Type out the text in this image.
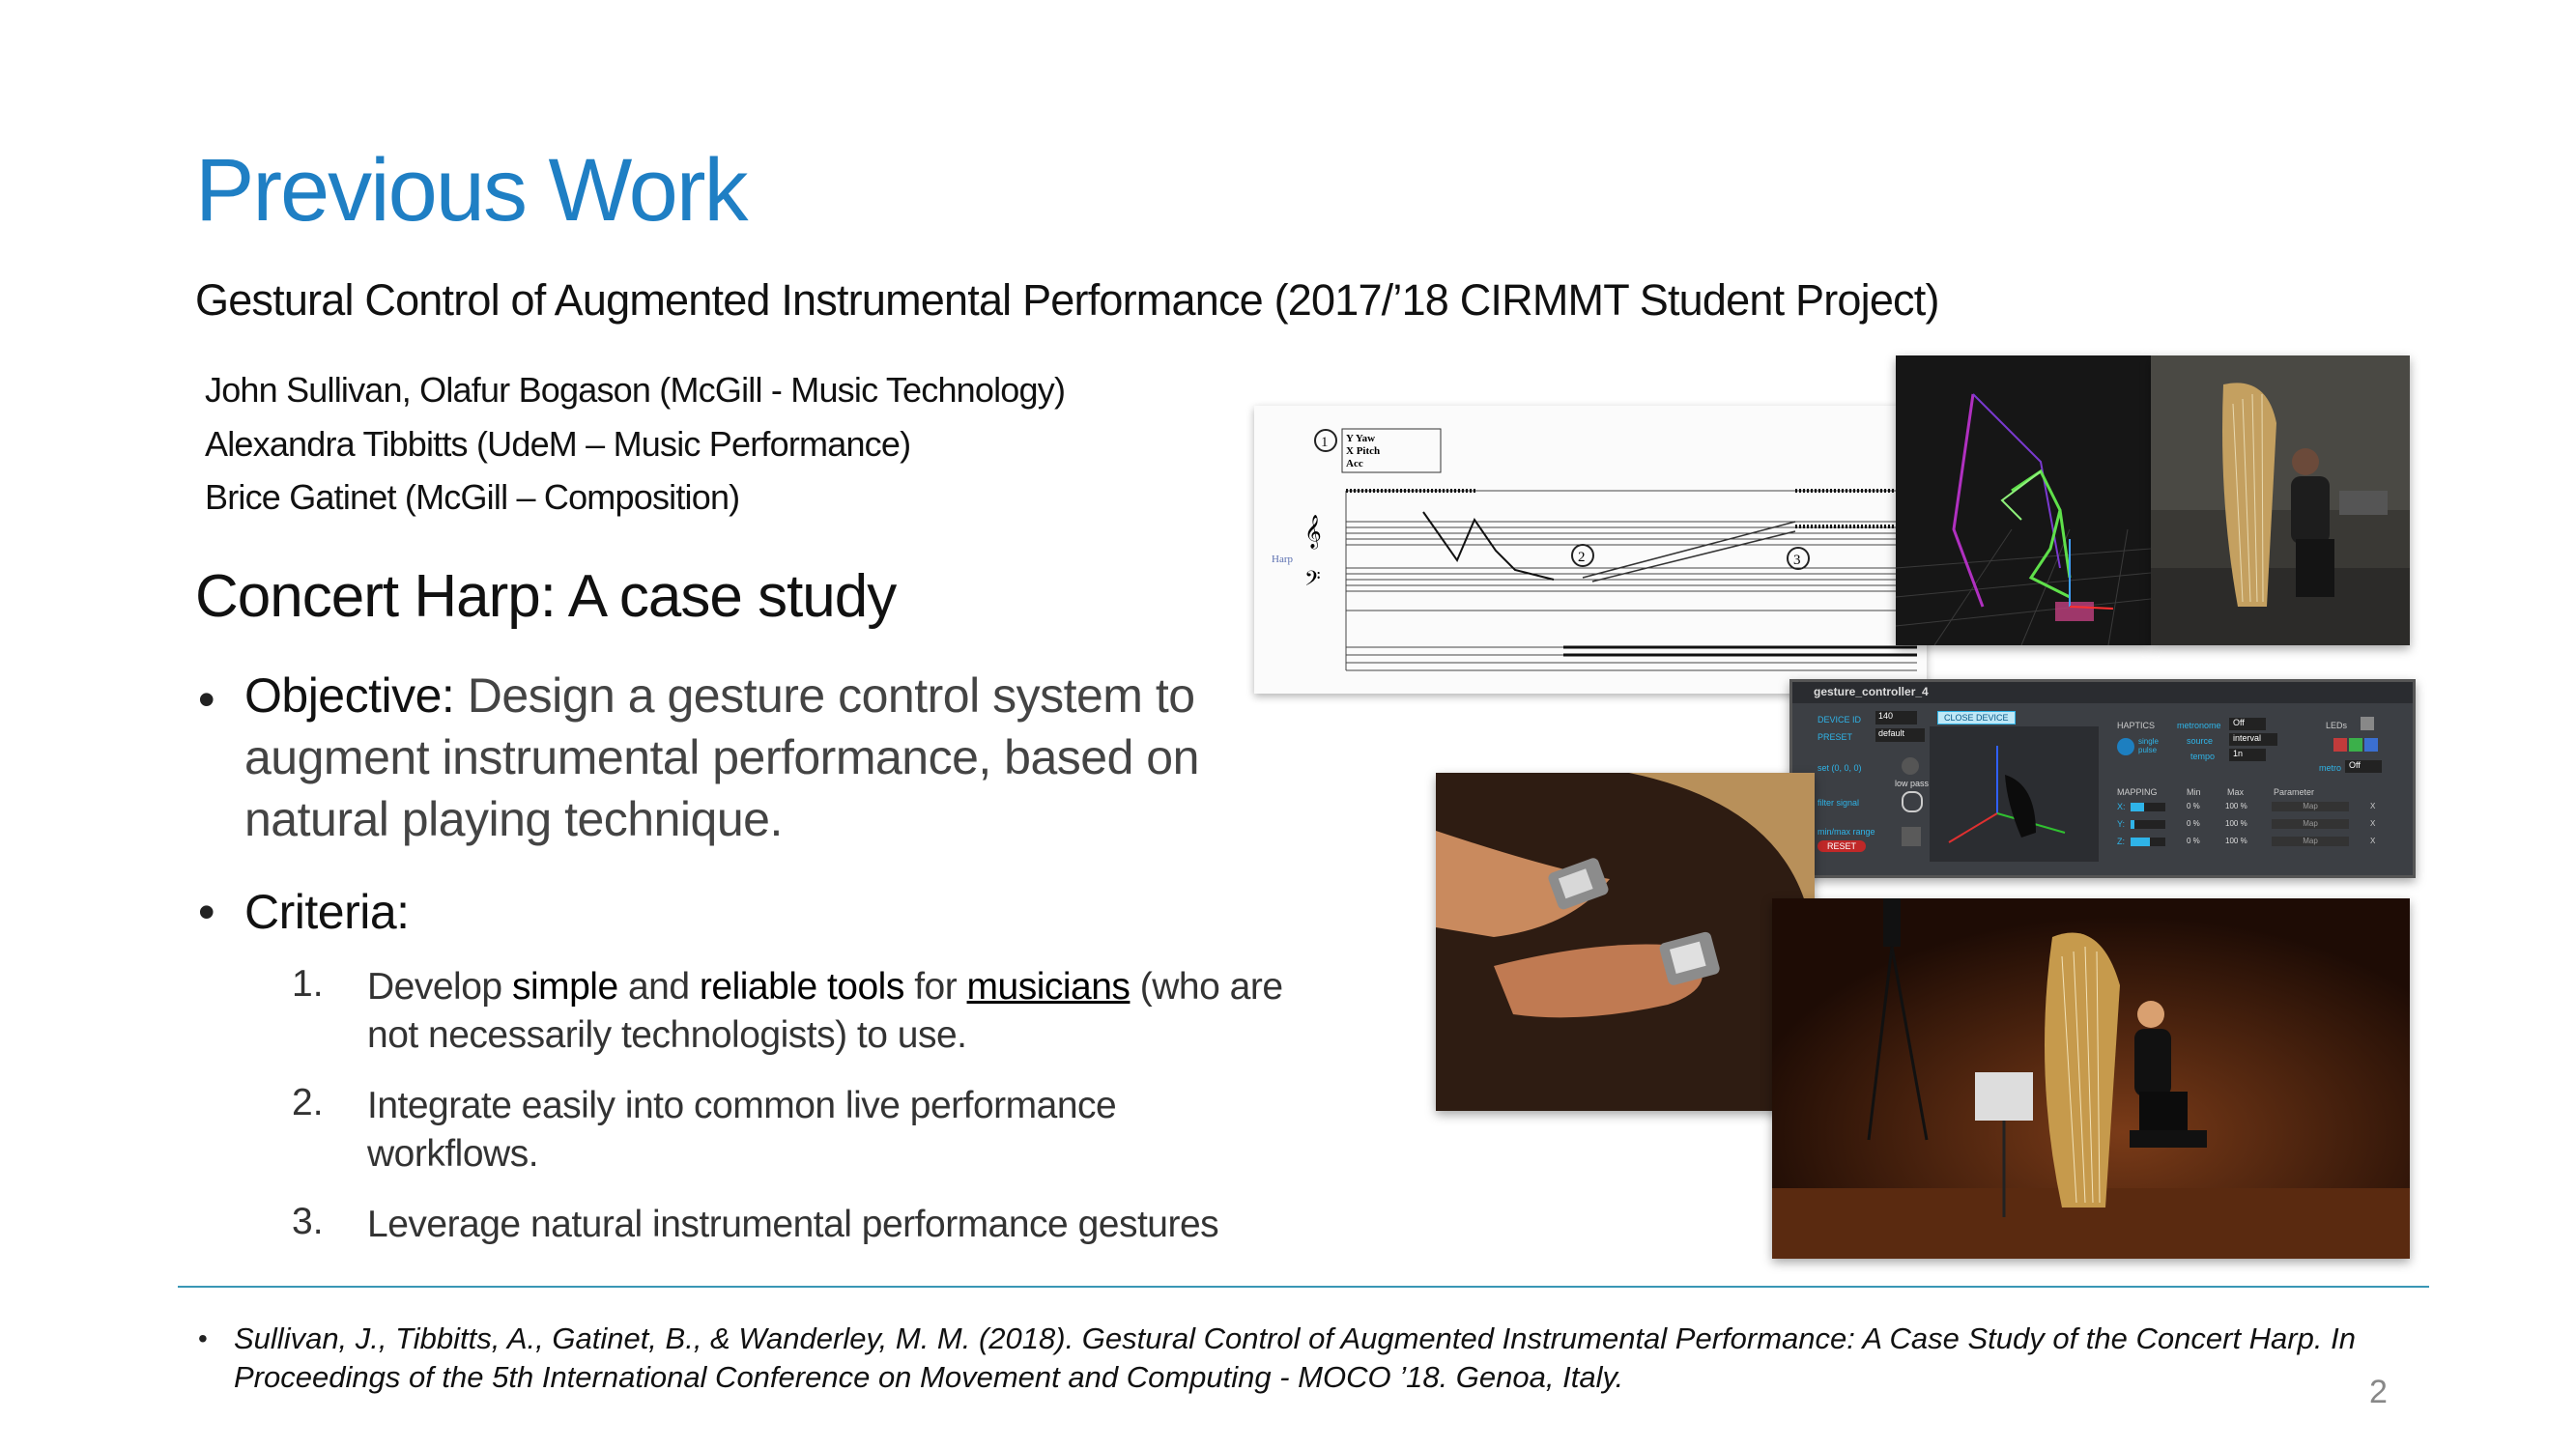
Previous Work
Gestural Control of Augmented Instrumental Performance (2017/’18 CIRMMT Student Project)
John Sullivan, Olafur Bogason (McGill - Music Technology)
Alexandra Tibbitts (UdeM – Music Performance)
Brice Gatinet (McGill – Composition)
Concert Harp: A case study
• Objective: Design a gesture control system to augment instrumental performance, based on natural playing technique.
• Criteria:
1. Develop simple and reliable tools for musicians (who are not necessarily technologists) to use.
2. Integrate easily into common live performance workflows.
3. Leverage natural instrumental performance gestures
1 Y Yaw
X Pitch
Acc
2	3
Harp
𝄞
𝄢
gesture_controller_4
DEVICE ID	140
PRESET	default
CLOSE DEVICE
set (0, 0, 0)
filter signal
low pass
min/max range
RESET
HAPTICS	metronome	Off
single pulse
source	interval
tempo	1n
LEDs
metro Off
MAPPING	Min	Max	Parameter
X:	0 %	100 %	Map	X
Y:	0 %	100 %	Map	X
Z:	0 %	100 %	Map	X
• Sullivan, J., Tibbitts, A., Gatinet, B., & Wanderley, M. M. (2018). Gestural Control of Augmented Instrumental Performance: A Case Study of the Concert Harp. In Proceedings of the 5th International Conference on Movement and Computing - MOCO ’18. Genoa, Italy.	2
